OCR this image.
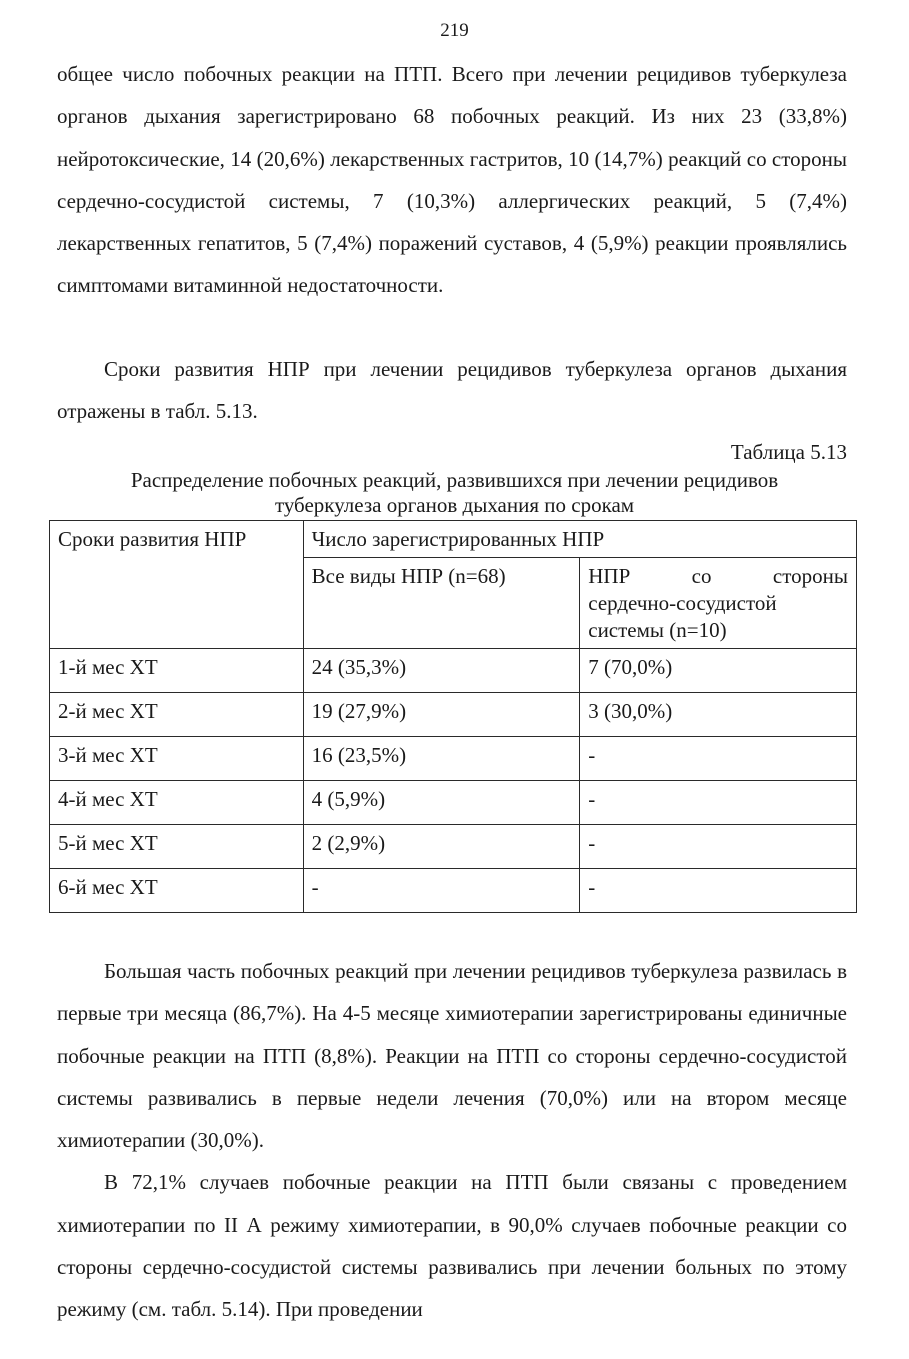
219

общее число побочных реакции на ПТП. Всего при лечении рецидивов туберкулеза органов дыхания зарегистрировано 68 побочных реакций. Из них 23 (33,8%) нейротоксические, 14 (20,6%) лекарственных гастритов, 10 (14,7%) реакций со стороны сердечно-сосудистой системы, 7 (10,3%) аллергических реакций, 5 (7,4%) лекарственных гепатитов, 5 (7,4%) поражений суставов, 4 (5,9%) реакции проявлялись симптомами витаминной недостаточности.

Сроки развития НПР при лечении рецидивов туберкулеза органов дыхания отражены в табл. 5.13.

Таблица 5.13
Распределение побочных реакций, развившихся при лечении рецидивов
туберкулеза органов дыхания по срокам
Сроки развития НПР	Число зарегистрированных НПР	
	Все виды НПР (n=68)	НПР со стороны
сердечно-сосудистой
системы (n=10)

1-й мес ХТ	24 (35,3%)	7 (70,0%)
2-й мес ХТ	19 (27,9%)	3 (30,0%)
3-й мес ХТ	16 (23,5%)	-
4-й мес ХТ	4 (5,9%)	-
5-й мес ХТ	2 (2,9%)	-
6-й мес ХТ	-	-

Большая часть побочных реакций при лечении рецидивов туберкулеза развилась в первые три месяца (86,7%). На 4-5 месяце химиотерапии зарегистрированы единичные побочные реакции на ПТП (8,8%). Реакции на ПТП со стороны сердечно-сосудистой системы развивались в первые недели лечения (70,0%) или на втором месяце химиотерапии (30,0%).

В 72,1% случаев побочные реакции на ПТП были связаны с проведением химиотерапии по II А режиму химиотерапии, в 90,0% случаев побочные реакции со стороны сердечно-сосудистой системы развивались при лечении больных по этому режиму (см. табл. 5.14). При проведении
